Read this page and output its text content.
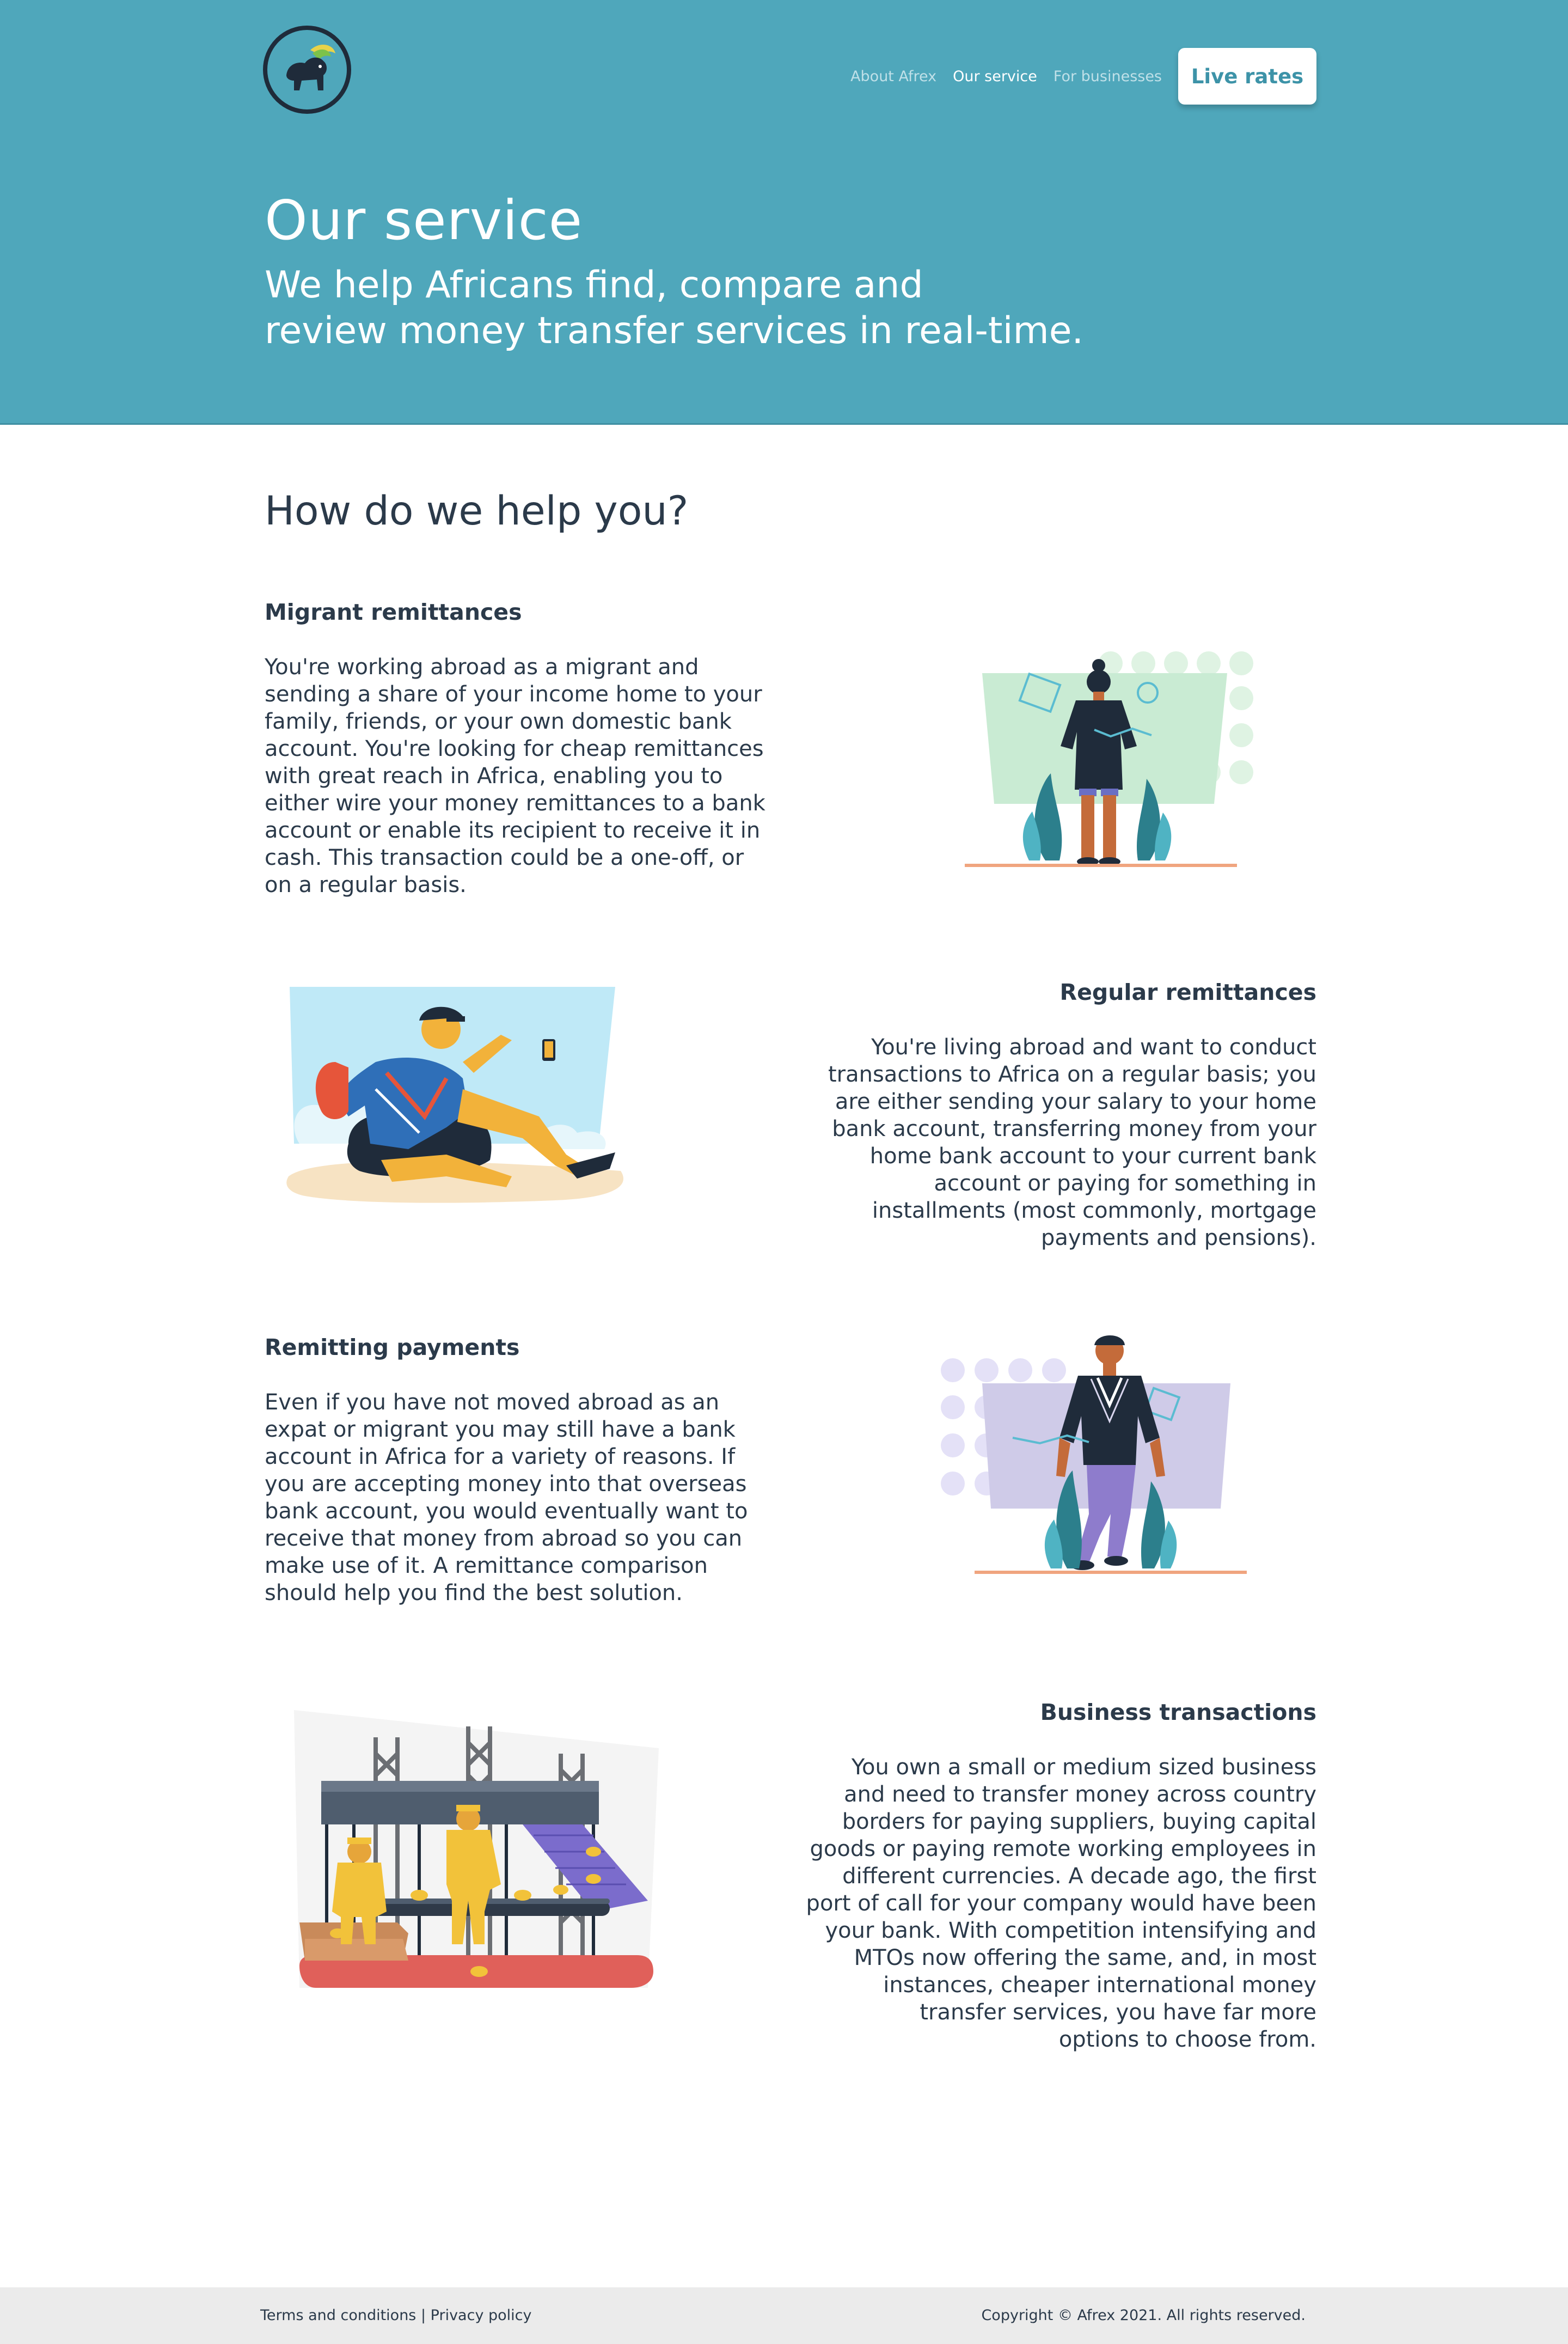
About Afrex Our service For businesses	Live rates
Our service
We help Africans find, compare and
review money transfer services in real-time.
How do we help you?
Migrant remittances
You're working abroad as a migrant and
sending a share of your income home to your
family, friends, or your own domestic bank
account. You're looking for cheap remittances
with great reach in Africa, enabling you to
either wire your money remittances to a bank
account or enable its recipient to receive it in
cash. This transaction could be a one-off, or
on a regular basis.
Regular remittances
You're living abroad and want to conduct
transactions to Africa on a regular basis; you
are either sending your salary to your home
bank account, transferring money from your
home bank account to your current bank
account or paying for something in
installments (most commonly, mortgage
payments and pensions).
Remitting payments
Even if you have not moved abroad as an
expat or migrant you may still have a bank
account in Africa for a variety of reasons. If
you are accepting money into that overseas
bank account, you would eventually want to
receive that money from abroad so you can
make use of it. A remittance comparison
should help you find the best solution.
Business transactions
You own a small or medium sized business
and need to transfer money across country
borders for paying suppliers, buying capital
goods or paying remote working employees in
different currencies. A decade ago, the first
port of call for your company would have been
your bank. With competition intensifying and
MTOs now offering the same, and, in most
instances, cheaper international money
transfer services, you have far more
options to choose from.
Terms and conditions | Privacy policy	Copyright © Afrex 2021. All rights reserved.
